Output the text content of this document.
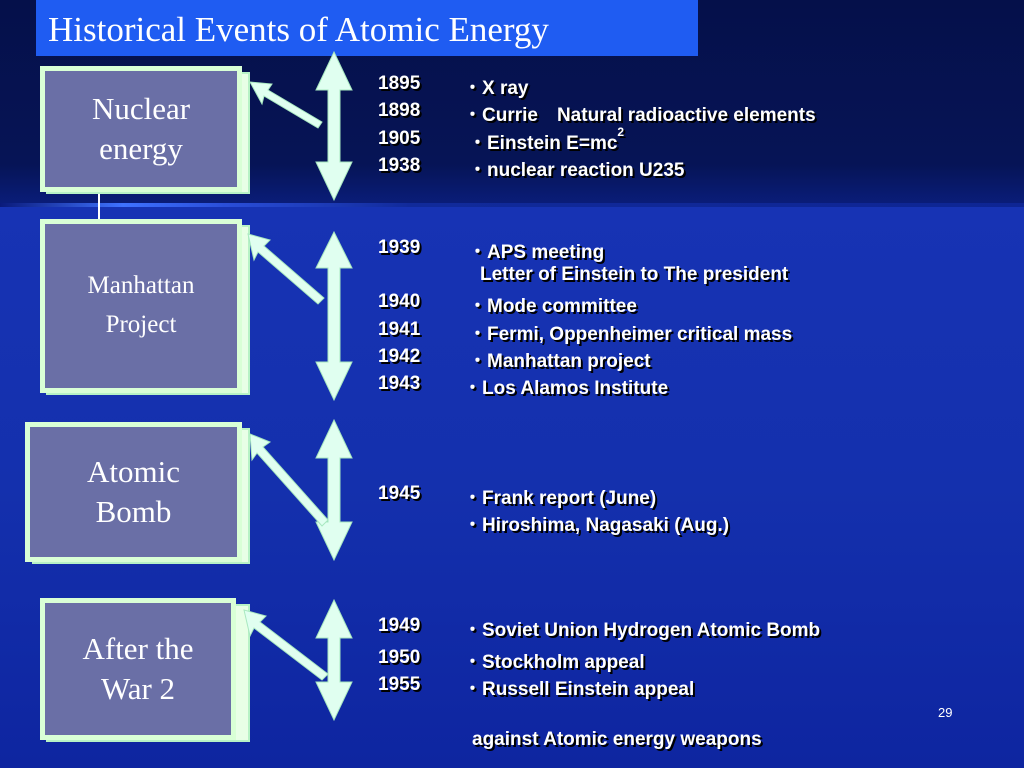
Historical Events of Atomic Energy
Nuclear
energy
Manhattan
Project
Atomic
Bomb
After the
War 2
1895 ・X ray
1898 ・Currie　Natural radioactive elements
1905	・Einstein $E=mc^2$
1938	・nuclear reaction U235
1939	・APS meeting
Letter of Einstein to The president
1940	・Mode committee
1941	・Fermi, Oppenheimer critical mass
1942	・Manhattan project
1943 ・Los Alamos Institute
1945 ・Frank report (June)
・Hiroshima, Nagasaki (Aug.)
1949 ・Soviet Union Hydrogen Atomic Bomb
1950 ・Stockholm appeal
1955 ・Russell Einstein appeal
against Atomic energy weapons
29
